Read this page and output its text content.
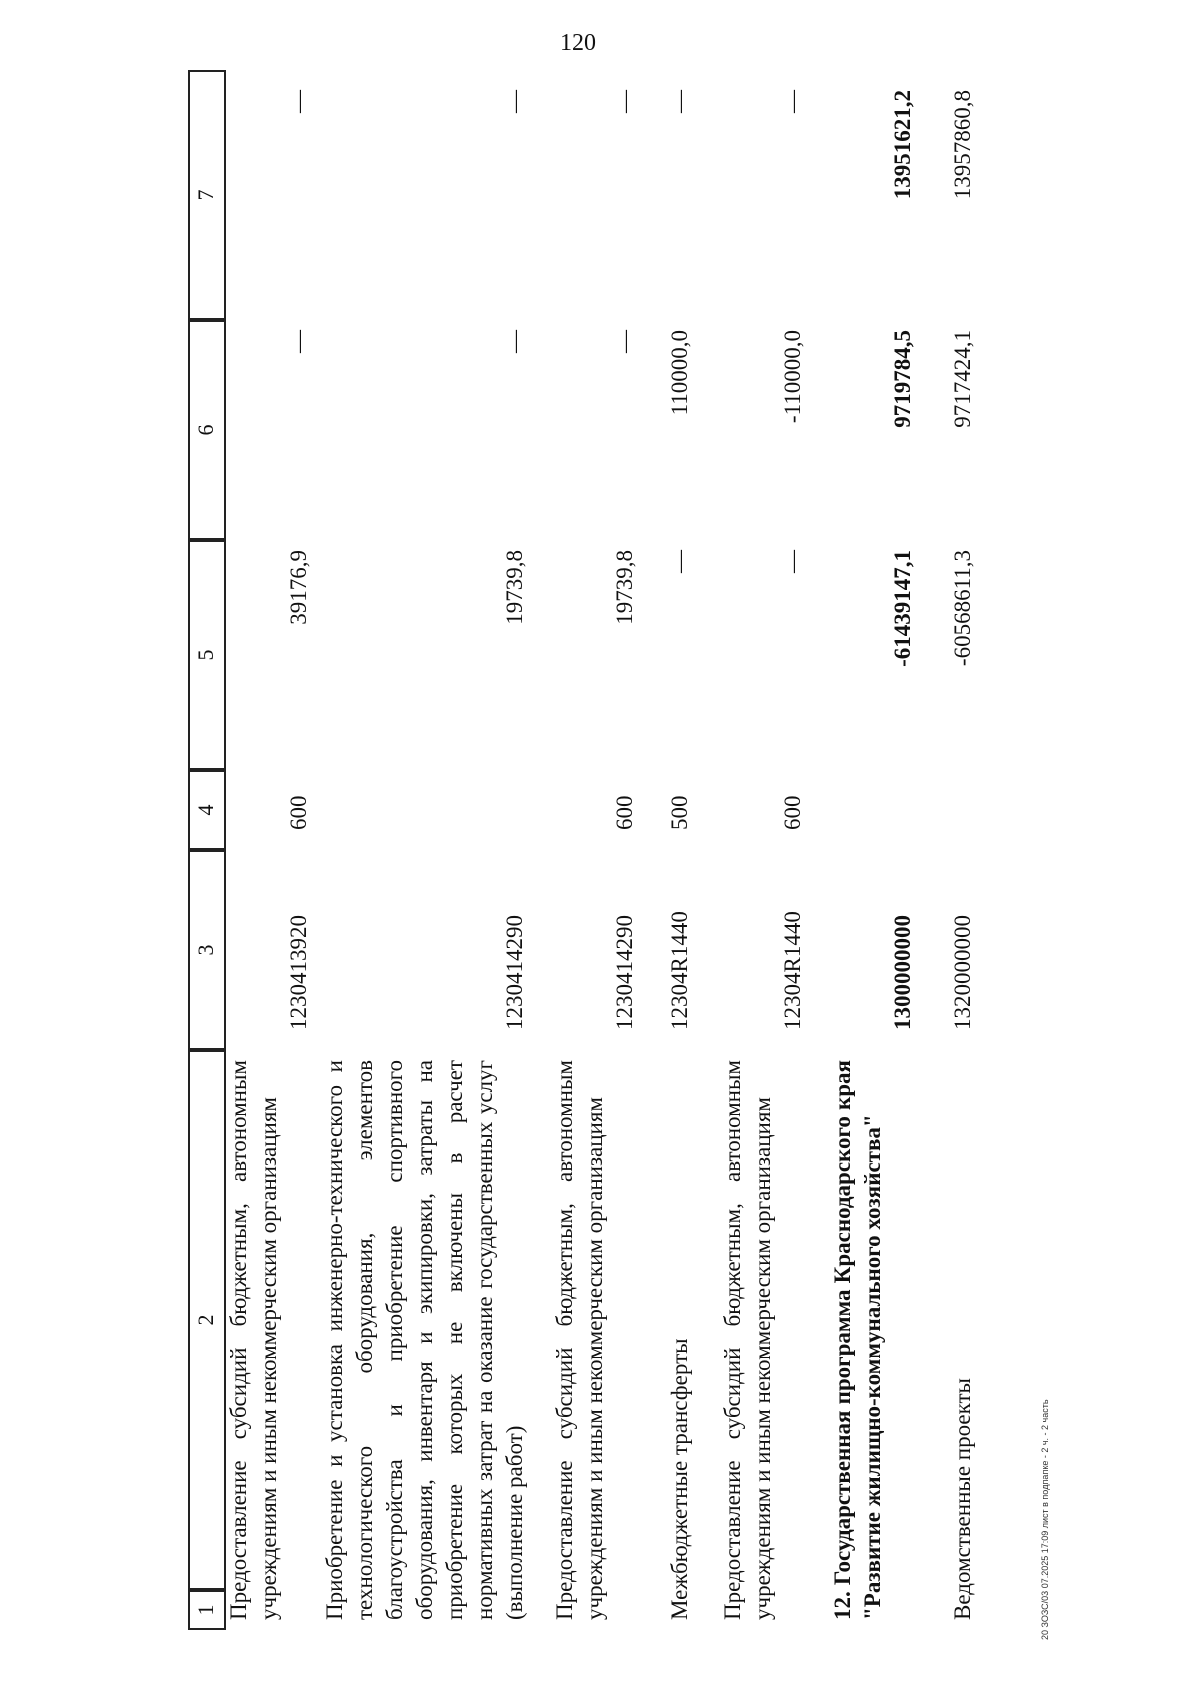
120
20 ЗОЗС/03 07.2025 17:09 лист в пoдпaпке - 2 ч. - 2 часть
1
2
3
4
5
6
7
Предоставление субсидий бюджетным, автономным учреждениям и иным некоммерческим организациям
1230413920
600
39176,9
—
—
Приобретение и установка инженерно-технического и технологического оборудования, элементов благоустройства и приобретение спортивного оборудования, инвентаря и экипировки, затраты на приобретение которых не включены в расчет нормативных затрат на оказание государственных услуг (выполнение работ)
1230414290
19739,8
—
—
Предоставление субсидий бюджетным, автономным учреждениям и иным некоммерческим организациям
1230414290
600
19739,8
—
—
Межбюджетные трансферты
12304R1440
500
—
110000,0
—
Предоставление субсидий бюджетным, автономным учреждениям и иным некоммерческим организациям
12304R1440
600
—
-110000,0
—
12. Государственная программа Краснодарского края "Развитие жилищно-коммунального хозяйства"
1300000000
-61439147,1
9719784,5
13951621,2
Ведомственные проекты
1320000000
-60568611,3
9717424,1
13957860,8
